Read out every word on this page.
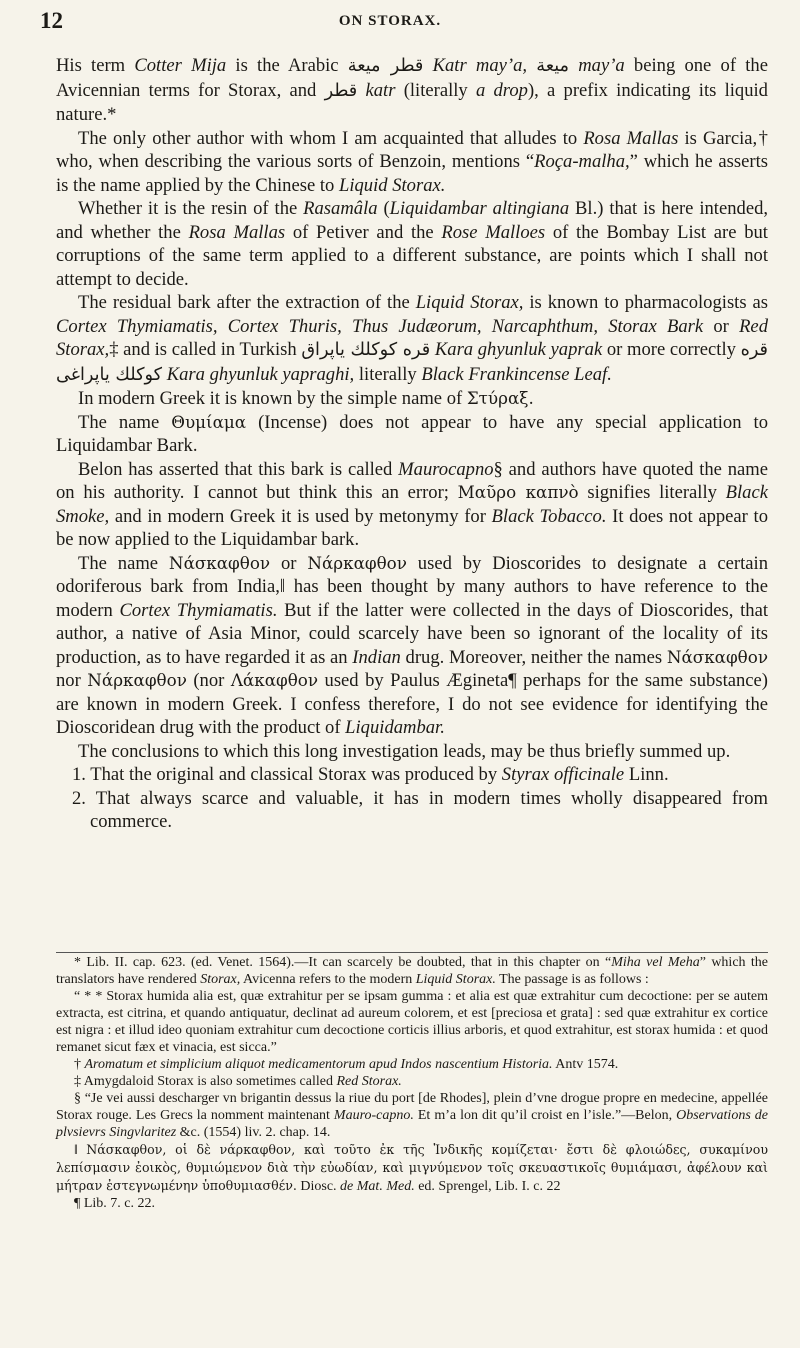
12	ON STORAX.

His term Cotter Mija is the Arabic قطر ميعة Katr may’a, ميعة may’a being one of the Avicennian terms for Storax, and قطر katr (literally a drop), a prefix indicating its liquid nature.*

The only other author with whom I am acquainted that alludes to Rosa Mallas is Garcia,† who, when describing the various sorts of Benzoin, mentions “Roça-malha,” which he asserts is the name applied by the Chinese to Liquid Storax.

Whether it is the resin of the Rasamâla (Liquidambar altingiana Bl.) that is here intended, and whether the Rosa Mallas of Petiver and the Rose Malloes of the Bombay List are but corruptions of the same term applied to a different substance, are points which I shall not attempt to decide.

The residual bark after the extraction of the Liquid Storax, is known to pharmacologists as Cortex Thymiamatis, Cortex Thuris, Thus Judæorum, Narcaphthum, Storax Bark or Red Storax,‡ and is called in Turkish قره كوكلك ياپراق Kara ghyunluk yaprak or more correctly قره كوكلك ياپراغى Kara ghyunluk yapraghi, literally Black Frankincense Leaf.

In modern Greek it is known by the simple name of Στύραξ.

The name Θυμίαμα (Incense) does not appear to have any special application to Liquidambar Bark.

Belon has asserted that this bark is called Maurocapno§ and authors have quoted the name on his authority. I cannot but think this an error; Μαῦρο καπνὸ signifies literally Black Smoke, and in modern Greek it is used by metonymy for Black Tobacco. It does not appear to be now applied to the Liquidambar bark.

The name Νάσκαφθον or Νάρκαφθον used by Dioscorides to designate a certain odoriferous bark from India,‖ has been thought by many authors to have reference to the modern Cortex Thymiamatis. But if the latter were collected in the days of Dioscorides, that author, a native of Asia Minor, could scarcely have been so ignorant of the locality of its production, as to have regarded it as an Indian drug. Moreover, neither the names Νάσκαφθον nor Νάρκαφθον (nor Λάκαφθον used by Paulus Ægineta¶ perhaps for the same substance) are known in modern Greek. I confess therefore, I do not see evidence for identifying the Dioscoridean drug with the product of Liquidambar.

The conclusions to which this long investigation leads, may be thus briefly summed up.

1. That the original and classical Storax was produced by Styrax officinale Linn.

2. That always scarce and valuable, it has in modern times wholly disappeared from commerce.

* Lib. II. cap. 623. (ed. Venet. 1564).—It can scarcely be doubted, that in this chapter on “Miha vel Meha” which the translators have rendered Storax, Avicenna refers to the modern Liquid Storax. The passage is as follows :

“ * * Storax humida alia est, quæ extrahitur per se ipsam gumma : et alia est quæ extrahitur cum decoctione: per se autem extracta, est citrina, et quando antiquatur, declinat ad aureum colorem, et est [preciosa et grata] : sed quæ extrahitur ex cortice est nigra : et illud ideo quoniam extrahitur cum decoctione corticis illius arboris, et quod extrahitur, est storax humida : et quod remanet sicut fæx et vinacia, est sicca.”

† Aromatum et simplicium aliquot medicamentorum apud Indos nascentium Historia. Antv 1574.

‡ Amygdaloid Storax is also sometimes called Red Storax.

§ “Je vei aussi descharger vn brigantin dessus la riue du port [de Rhodes], plein d’vne drogue propre en medecine, appellée Storax rouge. Les Grecs la nomment maintenant Mauro-capno. Et m’a lon dit qu’il croist en l’isle.”—Belon, Observations de plvsievrs Singvlaritez &c. (1554) liv. 2. chap. 14.

‖ Νάσκαφθον, οἱ δὲ νάρκαφθον, καὶ τοῦτο ἐκ τῆς Ἰνδικῆς κομίζεται· ἔστι δὲ φλοιώδες, συκαμίνου λεπίσμασιν ἐοικὸς, θυμιώμενον διὰ τὴν εὐωδίαν, καὶ μιγνύμενον τοῖς σκευαστικοῖς θυμιάμασι, ἀφέλουν καὶ μήτραν ἐστεγνωμένην ὑποθυμιασθέν. Diosc. de Mat. Med. ed. Sprengel, Lib. I. c. 22

¶ Lib. 7. c. 22.
